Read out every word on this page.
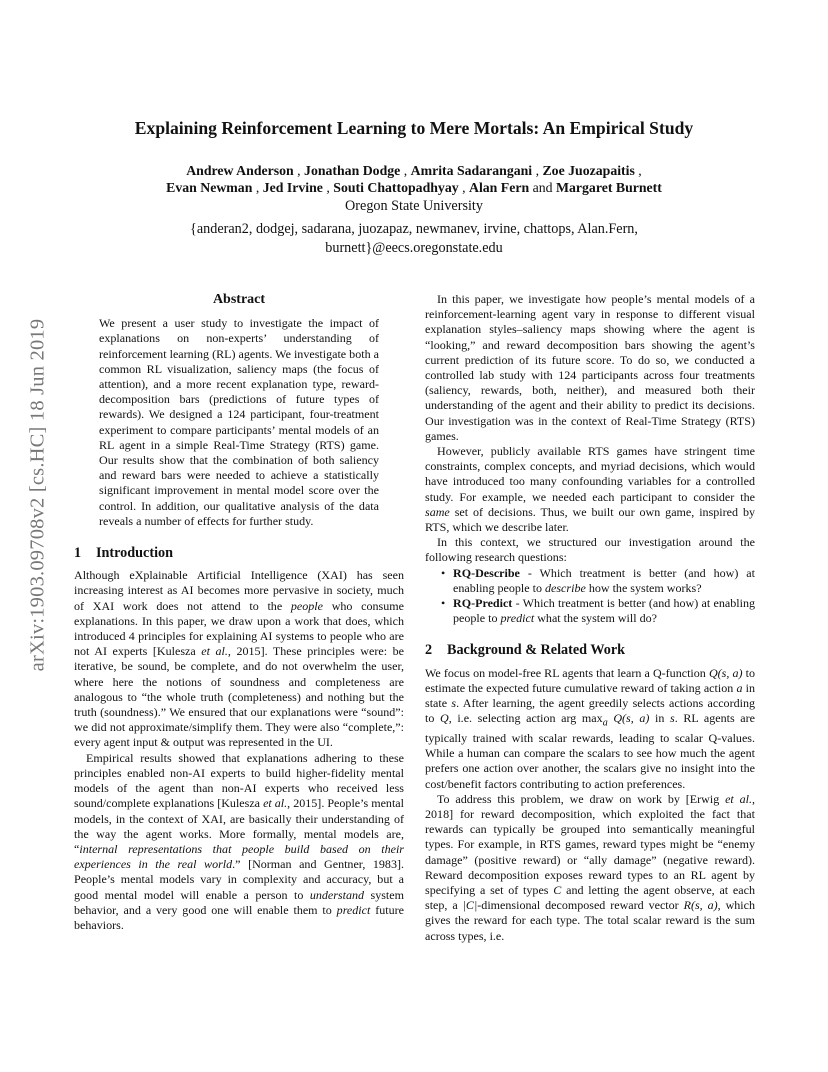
arXiv:1903.09708v2 [cs.HC] 18 Jun 2019
Explaining Reinforcement Learning to Mere Mortals: An Empirical Study
Andrew Anderson , Jonathan Dodge , Amrita Sadarangani , Zoe Juozapaitis ,
Evan Newman , Jed Irvine , Souti Chattopadhyay , Alan Fern and Margaret Burnett
Oregon State University
{anderan2, dodgej, sadarana, juozapaz, newmanev, irvine, chattops, Alan.Fern,
burnett}@eecs.oregonstate.edu
Abstract

We present a user study to investigate the impact of explanations on non-experts’ understanding of reinforcement learning (RL) agents. We investigate both a common RL visualization, saliency maps (the focus of attention), and a more recent explanation type, reward-decomposition bars (predictions of future types of rewards). We designed a 124 participant, four-treatment experiment to compare participants’ mental models of an RL agent in a simple Real-Time Strategy (RTS) game. Our results show that the combination of both saliency and reward bars were needed to achieve a statistically significant improvement in mental model score over the control. In addition, our qualitative analysis of the data reveals a number of effects for further study.

1 Introduction

Although eXplainable Artificial Intelligence (XAI) has seen increasing interest as AI becomes more pervasive in society, much of XAI work does not attend to the people who consume explanations. In this paper, we draw upon a work that does, which introduced 4 principles for explaining AI systems to people who are not AI experts [Kulesza et al., 2015]. These principles were: be iterative, be sound, be complete, and do not overwhelm the user, where here the notions of soundness and completeness are analogous to “the whole truth (completeness) and nothing but the truth (soundness).” We ensured that our explanations were “sound”: we did not approximate/simplify them. They were also “complete,”: every agent input & output was represented in the UI.

Empirical results showed that explanations adhering to these principles enabled non-AI experts to build higher-fidelity mental models of the agent than non-AI experts who received less sound/complete explanations [Kulesza et al., 2015]. People’s mental models, in the context of XAI, are basically their understanding of the way the agent works. More formally, mental models are, “internal representations that people build based on their experiences in the real world.” [Norman and Gentner, 1983]. People’s mental models vary in complexity and accuracy, but a good mental model will enable a person to understand system behavior, and a very good one will enable them to predict future behaviors.

In this paper, we investigate how people’s mental models of a reinforcement-learning agent vary in response to different visual explanation styles–saliency maps showing where the agent is “looking,” and reward decomposition bars showing the agent’s current prediction of its future score. To do so, we conducted a controlled lab study with 124 participants across four treatments (saliency, rewards, both, neither), and measured both their understanding of the agent and their ability to predict its decisions. Our investigation was in the context of Real-Time Strategy (RTS) games.

However, publicly available RTS games have stringent time constraints, complex concepts, and myriad decisions, which would have introduced too many confounding variables for a controlled study. For example, we needed each participant to consider the same set of decisions. Thus, we built our own game, inspired by RTS, which we describe later.

In this context, we structured our investigation around the following research questions:

• RQ-Describe - Which treatment is better (and how) at enabling people to describe how the system works?
• RQ-Predict - Which treatment is better (and how) at enabling people to predict what the system will do?
2 Background & Related Work

We focus on model-free RL agents that learn a Q-function Q(s, a) to estimate the expected future cumulative reward of taking action a in state s. After learning, the agent greedily selects actions according to Q, i.e. selecting action arg $\max_a Q(s$, a) in s. RL agents are typically trained with scalar rewards, leading to scalar Q-values. While a human can compare the scalars to see how much the agent prefers one action over another, the scalars give no insight into the cost/benefit factors contributing to action preferences.

To address this problem, we draw on work by [Erwig et al., 2018] for reward decomposition, which exploited the fact that rewards can typically be grouped into semantically meaningful types. For example, in RTS games, reward types might be “enemy damage” (positive reward) or “ally damage” (negative reward). Reward decomposition exposes reward types to an RL agent by specifying a set of types C and letting the agent observe, at each step, a |C|-dimensional decomposed reward vector R(s, a), which gives the reward for each type. The total scalar reward is the sum across types, i.e.
